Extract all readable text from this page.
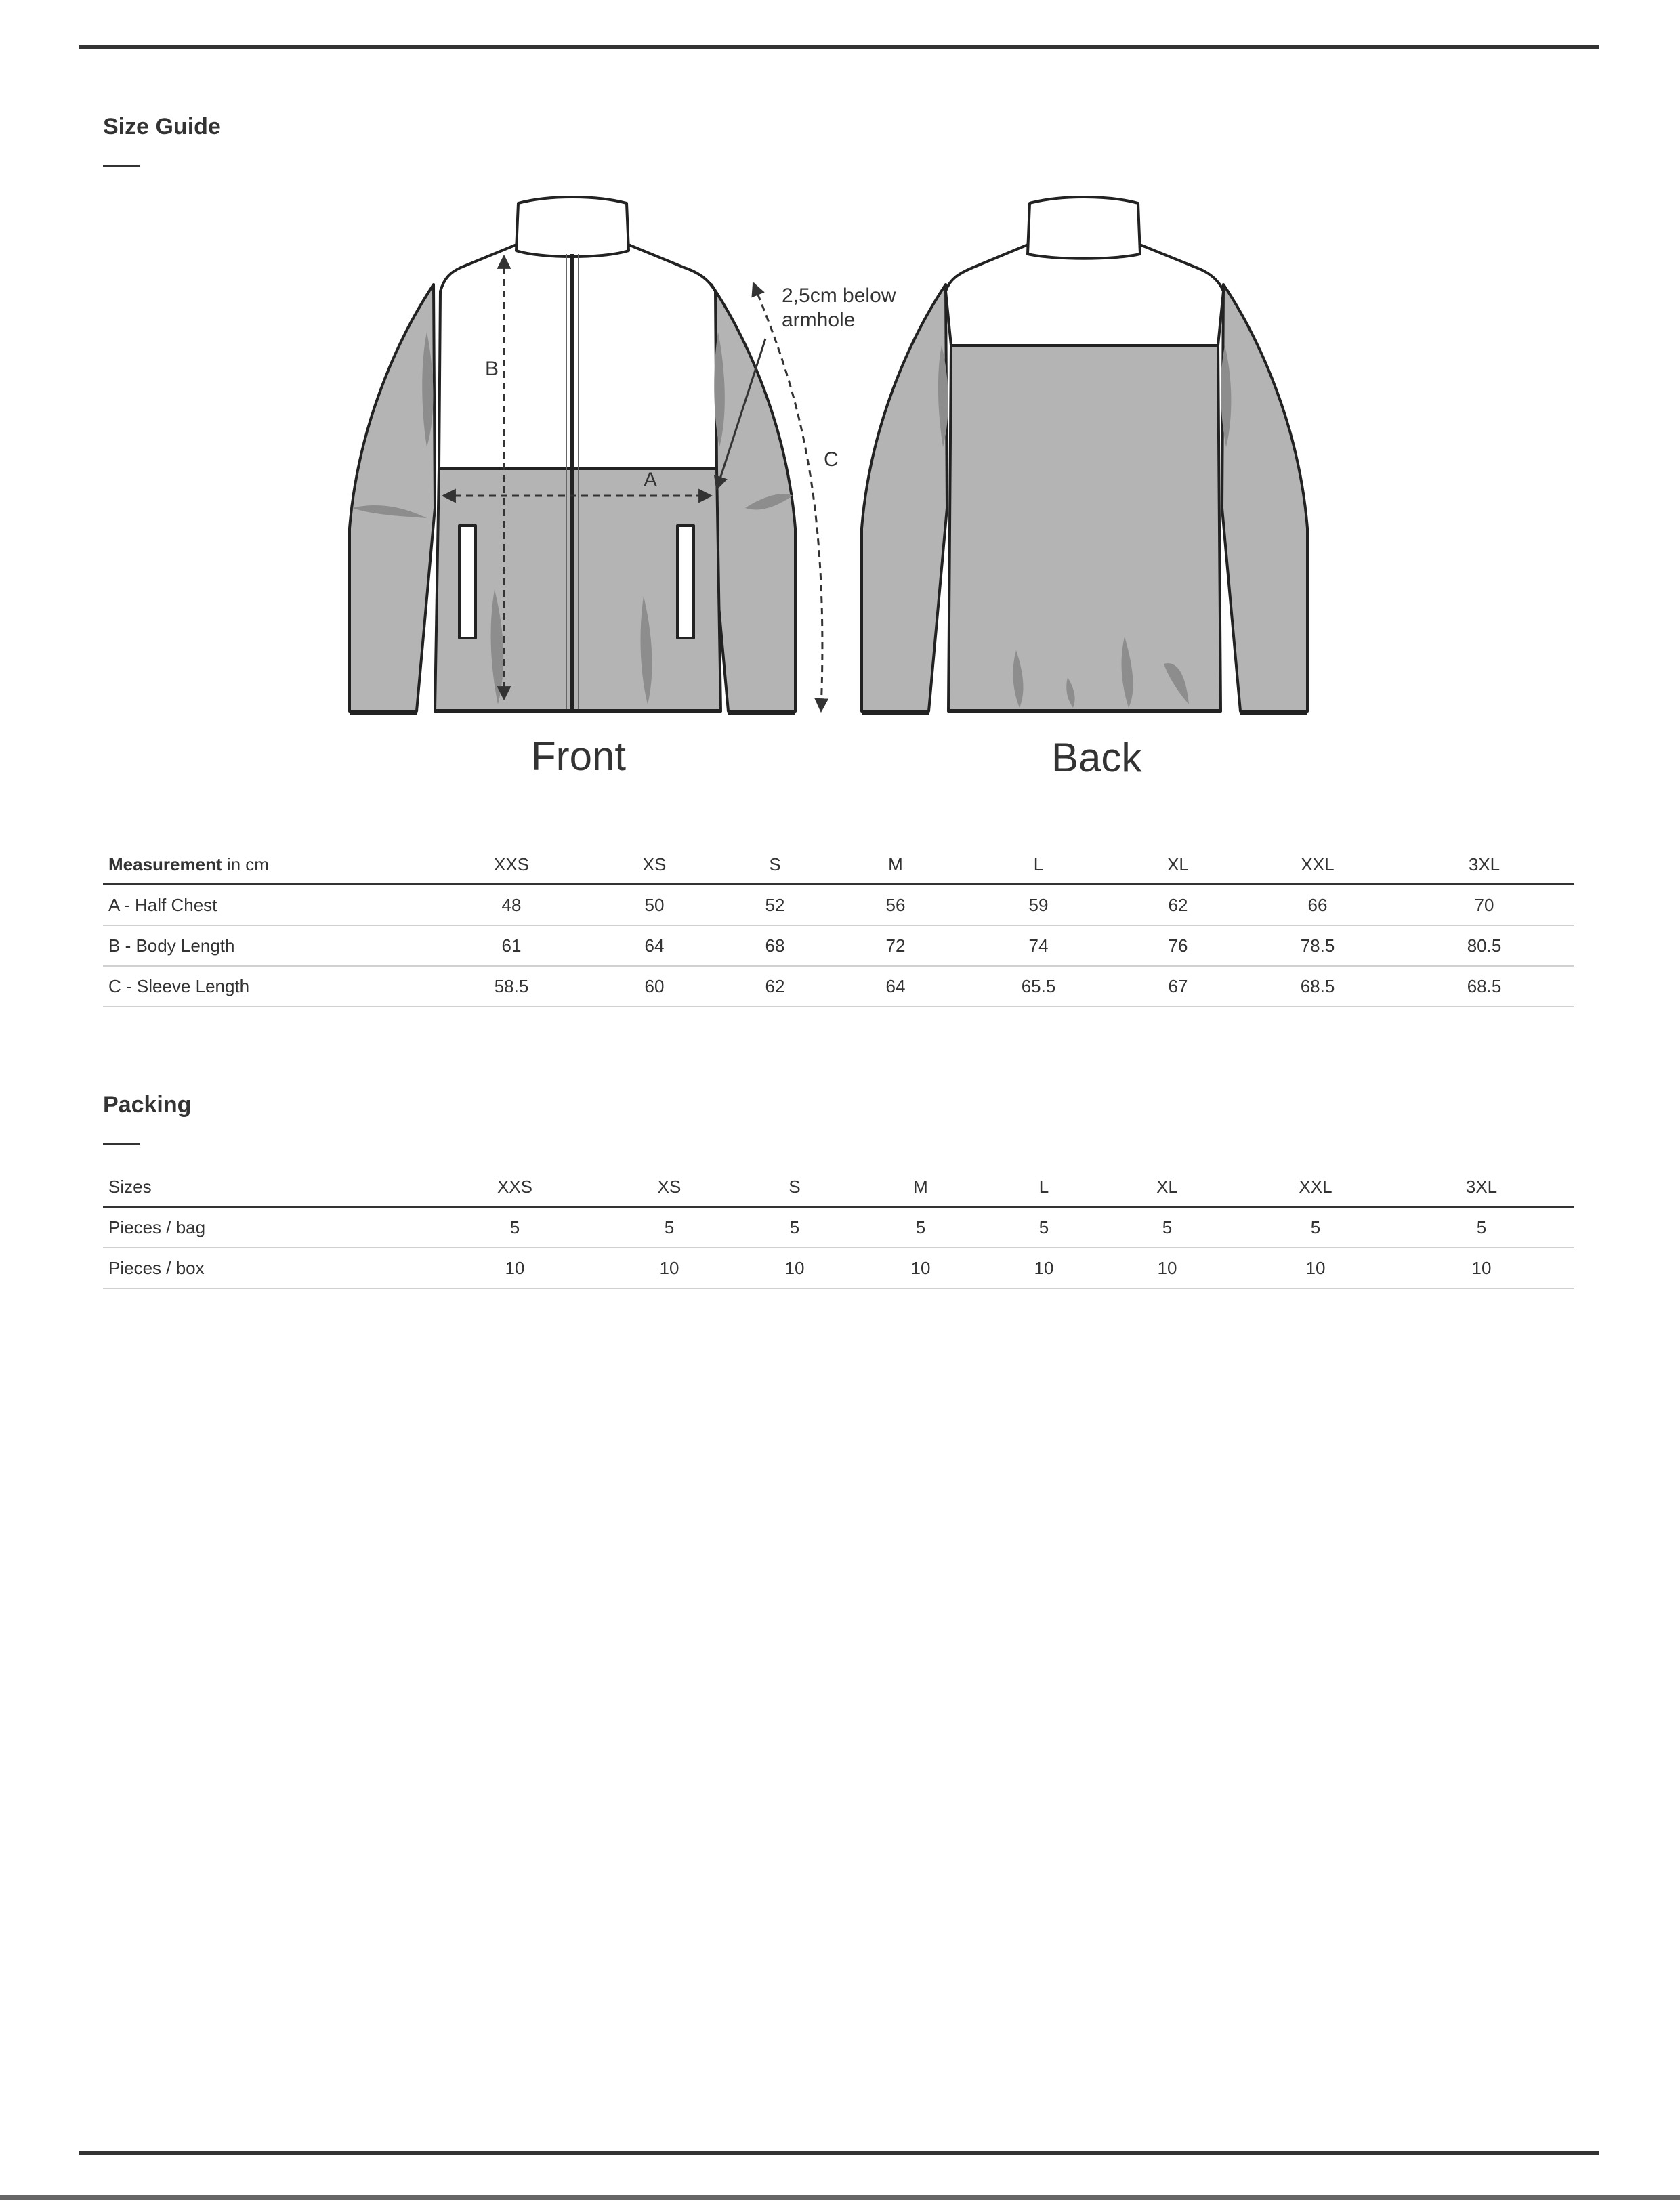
Size Guide
A
B
C
2,5cm below
armhole
Front	Back
Measurement in cm	XXS	XS	S	M	L	XL	XXL	3XL
A - Half Chest	48	50	52	56	59	62	66	70
B - Body Length	61	64	68	72	74	76	78.5	80.5
C - Sleeve Length	58.5	60	62	64	65.5	67	68.5	68.5
Packing
Sizes	XXS	XS	S	M	L	XL	XXL	3XL
Pieces / bag	5	5	5	5	5	5	5	5
Pieces / box	10	10	10	10	10	10	10	10
